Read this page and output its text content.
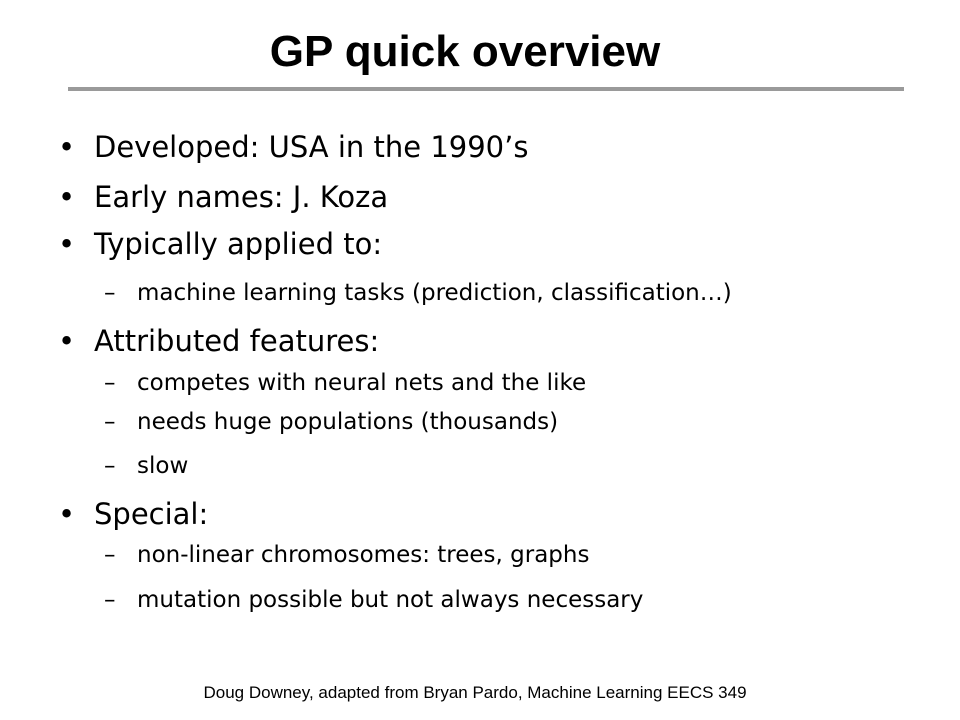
GP quick overview
• Developed: USA in the 1990’s
• Early names: J. Koza
• Typically applied to:
– machine learning tasks (prediction, classification…)
• Attributed features:
– competes with neural nets and the like
– needs huge populations (thousands)
– slow
• Special:
– non-linear chromosomes: trees, graphs
– mutation possible but not always necessary
Doug Downey, adapted from Bryan Pardo, Machine Learning EECS 349
